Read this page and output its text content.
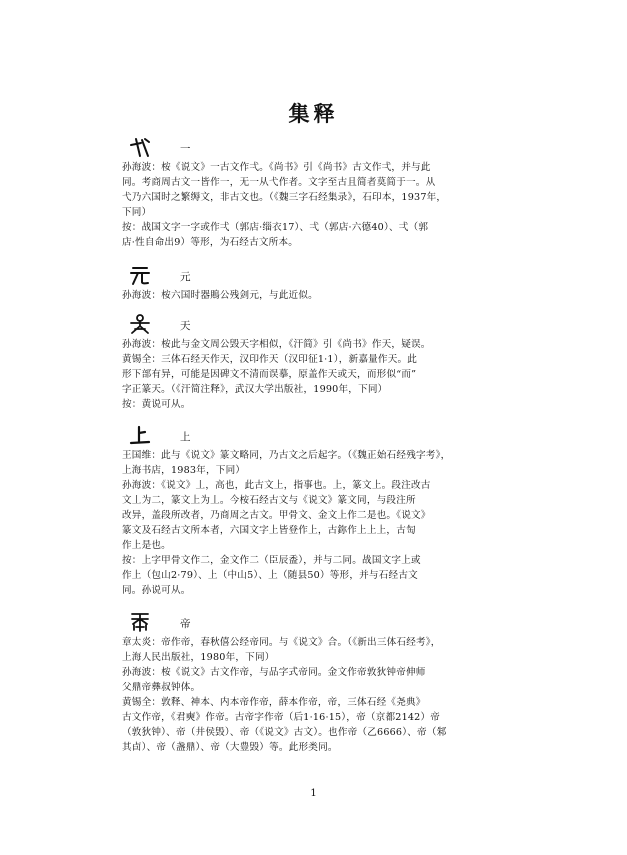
集释
一
孙海波：桉《说文》一古文作弌。《尚书》引《尚书》古文作弌，并与此
同。考商周古文一皆作一，无一从弋作者。文字至古且简者莫简于一。从
弋乃六国时之繁缛文，非古文也。（《魏三字石经集录》，石印本，1937年，
下同）
按：战国文字一字或作弌（郭店·缁衣17）、弌（郭店·六德40）、弌（郭
店·性自命出9）等形，为石经古文所本。
元
孙海波：桉六国时器鵙公残剑元，与此近似。
天
孙海波：桉此与金文周公毁天字相似，《汗简》引《尚书》作天，疑误。
黄锡全：三体石经天作天，汉印作天（汉印征1·1），新嘉量作天。此
形下部有异，可能是因碑文不清而误摹，原盖作天或天，而形似“而”
字正篆天。（《汗简注释》，武汉大学出版社，1990年，下同）
按：黄说可从。
上
王国维：此与《说文》篆文略同，乃古文之后起字。（《魏正始石经残字考》，
上海书店，1983年，下同）
孙海波：《说文》丄，高也，此古文上，指事也。上，篆文上。段注改古
文丄为二，篆文上为丄。今桉石经古文与《说文》篆文同，与段注所
改异，盖段所改者，乃商周之古文。甲骨文、金文上作二是也。《说文》
篆文及石经古文所本者，六国文字上皆登作上，古鉨作上上上，古匋
作上是也。
按：上字甲骨文作二，金文作二（臣辰盉），并与二同。战国文字上或
作上（包山2·79）、上（中山5）、上（随县50）等形，并与石经古文
同。孙说可从。
帝
章太炎：帝作帝，春秋僖公经帝同。与《说文》合。（《新出三体石经考》，
上海人民出版社，1980年，下同）
孙海波：桉《说文》古文作帝，与品字式帝同。金文作帝敦狄钟帝伸师
父鼎帝彝叔钟体。
黄锡全：敦释、神本、内本帝作帝，薛本作帝，帝，三体石经《尧典》
古文作帝，《君奭》作帝。古帝字作帝（后1·16·15），帝（京都2142）帝
（敦狄钟）、帝（井侯毁）、帝（《说文》古文）。也作帝（乙6666）、帝（邾
其卣）、帝（盏鼎）、帝（大豊毁）等。此形类同。
1
